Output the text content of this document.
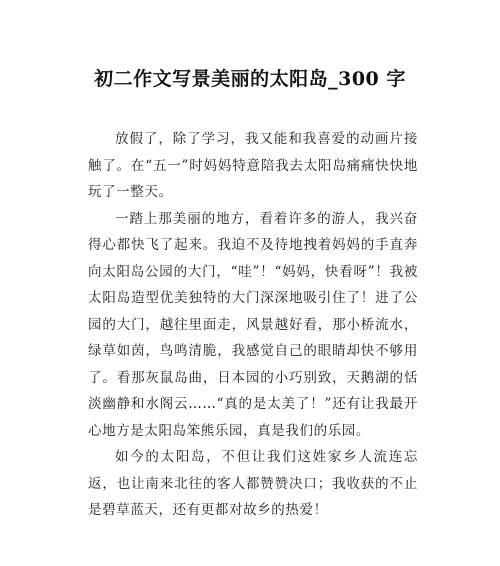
初二作文写景美丽的太阳岛_300 字

放假了，除了学习，我又能和我喜爱的动画片接触了。在“五一”时妈妈特意陪我去太阳岛痛痛快快地玩了一整天。

一踏上那美丽的地方，看着许多的游人，我兴奋得心都快飞了起来。我迫不及待地拽着妈妈的手直奔向太阳岛公园的大门，“哇”！“妈妈，快看呀”！我被太阳岛造型优美独特的大门深深地吸引住了！进了公园的大门，越往里面走，风景越好看，那小桥流水，绿草如茵，鸟鸣清脆，我感觉自己的眼睛却快不够用了。看那灰鼠岛曲，日本园的小巧别致，天鹅湖的恬淡幽静和水阁云……“真的是太美了！”还有让我最开心地方是太阳岛笨熊乐园，真是我们的乐园。

如今的太阳岛，不但让我们这姓家乡人流连忘返，也让南来北往的客人都赞赞决口；我收获的不止是碧草蓝天，还有更都对故乡的热爱！
